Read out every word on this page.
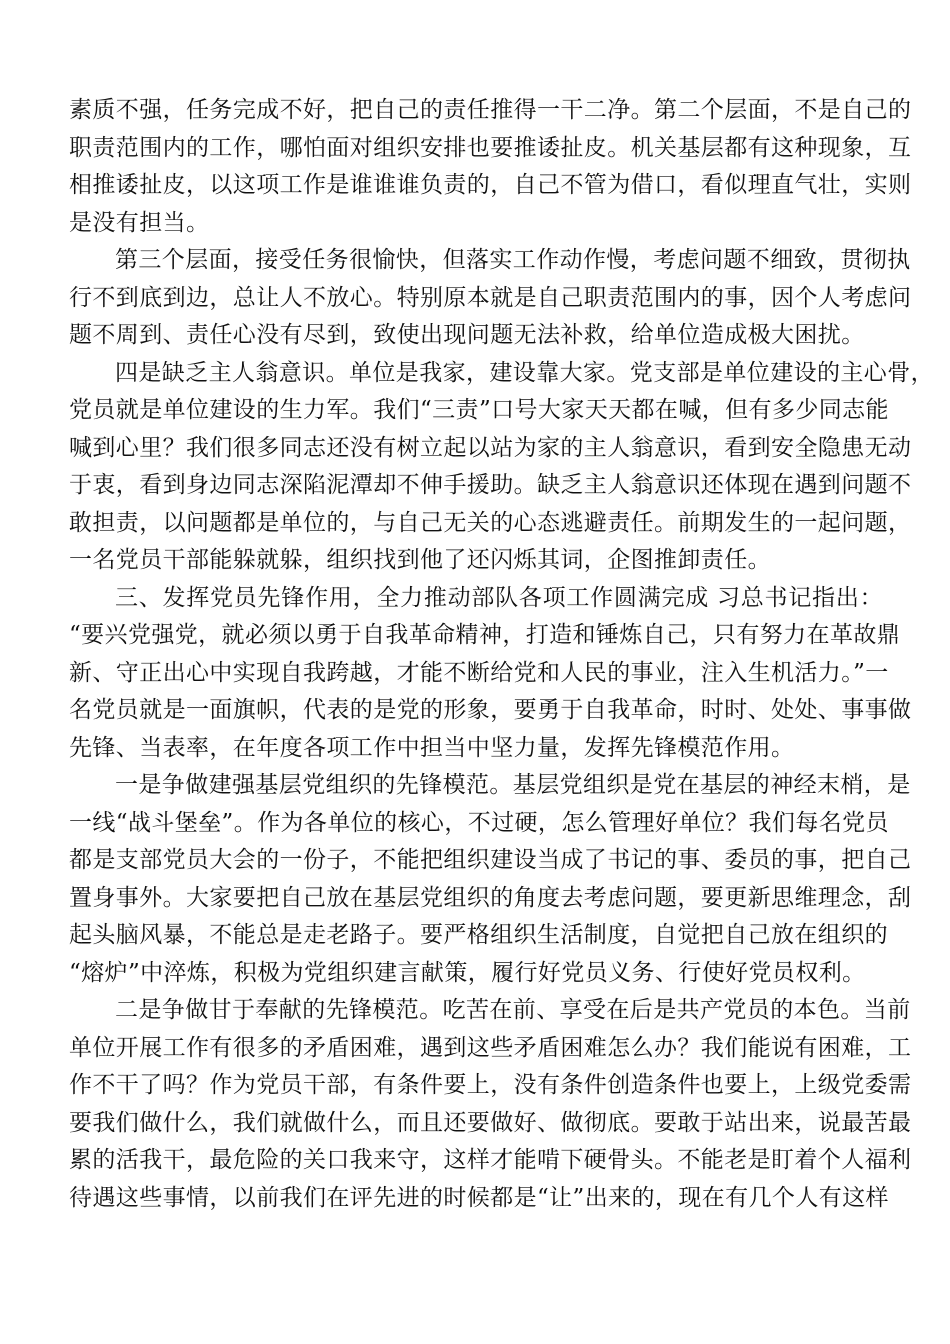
素质不强，任务完成不好，把自己的责任推得一干二净。第二个层面，不是自己的
职责范围内的工作，哪怕面对组织安排也要推诿扯皮。机关基层都有这种现象，互
相推诿扯皮，以这项工作是谁谁谁负责的，自己不管为借口，看似理直气壮，实则
是没有担当。
第三个层面，接受任务很愉快，但落实工作动作慢，考虑问题不细致，贯彻执
行不到底到边，总让人不放心。特别原本就是自己职责范围内的事，因个人考虑问
题不周到、责任心没有尽到，致使出现问题无法补救，给单位造成极大困扰。
四是缺乏主人翁意识。单位是我家，建设靠大家。党支部是单位建设的主心骨，
党员就是单位建设的生力军。我们“三责”口号大家天天都在喊，但有多少同志能
喊到心里？我们很多同志还没有树立起以站为家的主人翁意识，看到安全隐患无动
于衷，看到身边同志深陷泥潭却不伸手援助。缺乏主人翁意识还体现在遇到问题不
敢担责，以问题都是单位的，与自己无关的心态逃避责任。前期发生的一起问题，
一名党员干部能躲就躲，组织找到他了还闪烁其词，企图推卸责任。
三、发挥党员先锋作用，全力推动部队各项工作圆满完成 习总书记指出：
“要兴党强党，就必须以勇于自我革命精神，打造和锤炼自己，只有努力在革故鼎
新、守正出心中实现自我跨越，才能不断给党和人民的事业，注入生机活力。”一
名党员就是一面旗帜，代表的是党的形象，要勇于自我革命，时时、处处、事事做
先锋、当表率，在年度各项工作中担当中坚力量，发挥先锋模范作用。
一是争做建强基层党组织的先锋模范。基层党组织是党在基层的神经末梢，是
一线“战斗堡垒”。作为各单位的核心，不过硬，怎么管理好单位？我们每名党员
都是支部党员大会的一份子，不能把组织建设当成了书记的事、委员的事，把自己
置身事外。大家要把自己放在基层党组织的角度去考虑问题，要更新思维理念，刮
起头脑风暴，不能总是走老路子。要严格组织生活制度，自觉把自己放在组织的
“熔炉”中淬炼，积极为党组织建言献策，履行好党员义务、行使好党员权利。
二是争做甘于奉献的先锋模范。吃苦在前、享受在后是共产党员的本色。当前
单位开展工作有很多的矛盾困难，遇到这些矛盾困难怎么办？我们能说有困难，工
作不干了吗？作为党员干部，有条件要上，没有条件创造条件也要上，上级党委需
要我们做什么，我们就做什么，而且还要做好、做彻底。要敢于站出来，说最苦最
累的活我干，最危险的关口我来守，这样才能啃下硬骨头。不能老是盯着个人福利
待遇这些事情，以前我们在评先进的时候都是“让”出来的，现在有几个人有这样
